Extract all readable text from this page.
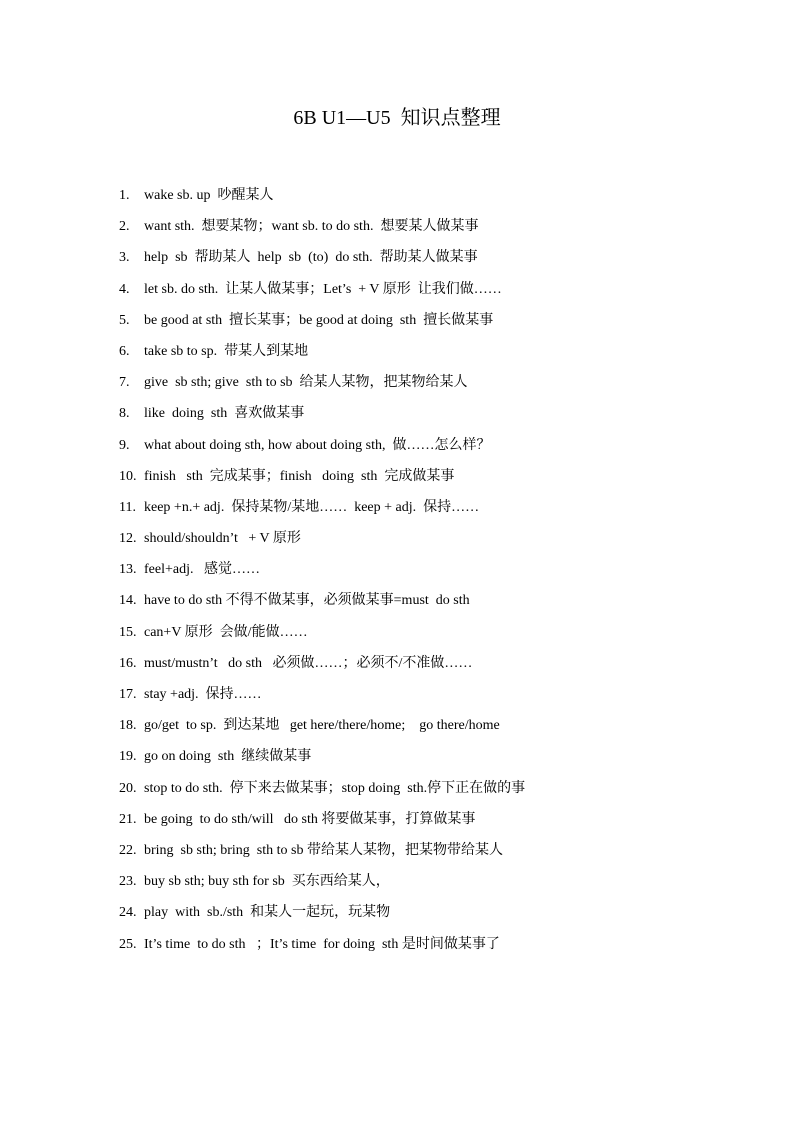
6B U1—U5  知识点整理
1. wake sb. up  吵醒某人
2. want sth.  想要某物；want sb. to do sth.  想要某人做某事
3. help  sb  帮助某人  help  sb  (to)  do sth.  帮助某人做某事
4. let sb. do sth.  让某人做某事；Let’s  + V 原形  让我们做……
5. be good at sth  擅长某事；be good at doing  sth  擅长做某事
6. take sb to sp.  带某人到某地
7. give  sb sth; give  sth to sb  给某人某物，把某物给某人
8. like  doing  sth  喜欢做某事
9. what about doing sth, how about doing sth,  做……怎么样？
10. finish   sth  完成某事；finish   doing  sth  完成做某事
11. keep +n.+ adj.  保持某物/某地……  keep + adj.  保持……
12. should/shouldn’t   + V 原形
13. feel+adj.   感觉……
14. have to do sth 不得不做某事，必须做某事=must  do sth
15. can+V 原形  会做/能做……
16. must/mustn’t   do sth   必须做……；必须不/不准做……
17. stay +adj.  保持……
18. go/get  to sp.  到达某地   get here/there/home;    go there/home
19. go on doing  sth  继续做某事
20. stop to do sth.  停下来去做某事；stop doing  sth.停下正在做的事
21. be going  to do sth/will   do sth 将要做某事，打算做某事
22. bring  sb sth; bring  sth to sb 带给某人某物，把某物带给某人
23. buy sb sth; buy sth for sb  买东西给某人，
24. play  with  sb./sth  和某人一起玩，玩某物
25. It’s time  to do sth   ；It’s time  for doing  sth 是时间做某事了
